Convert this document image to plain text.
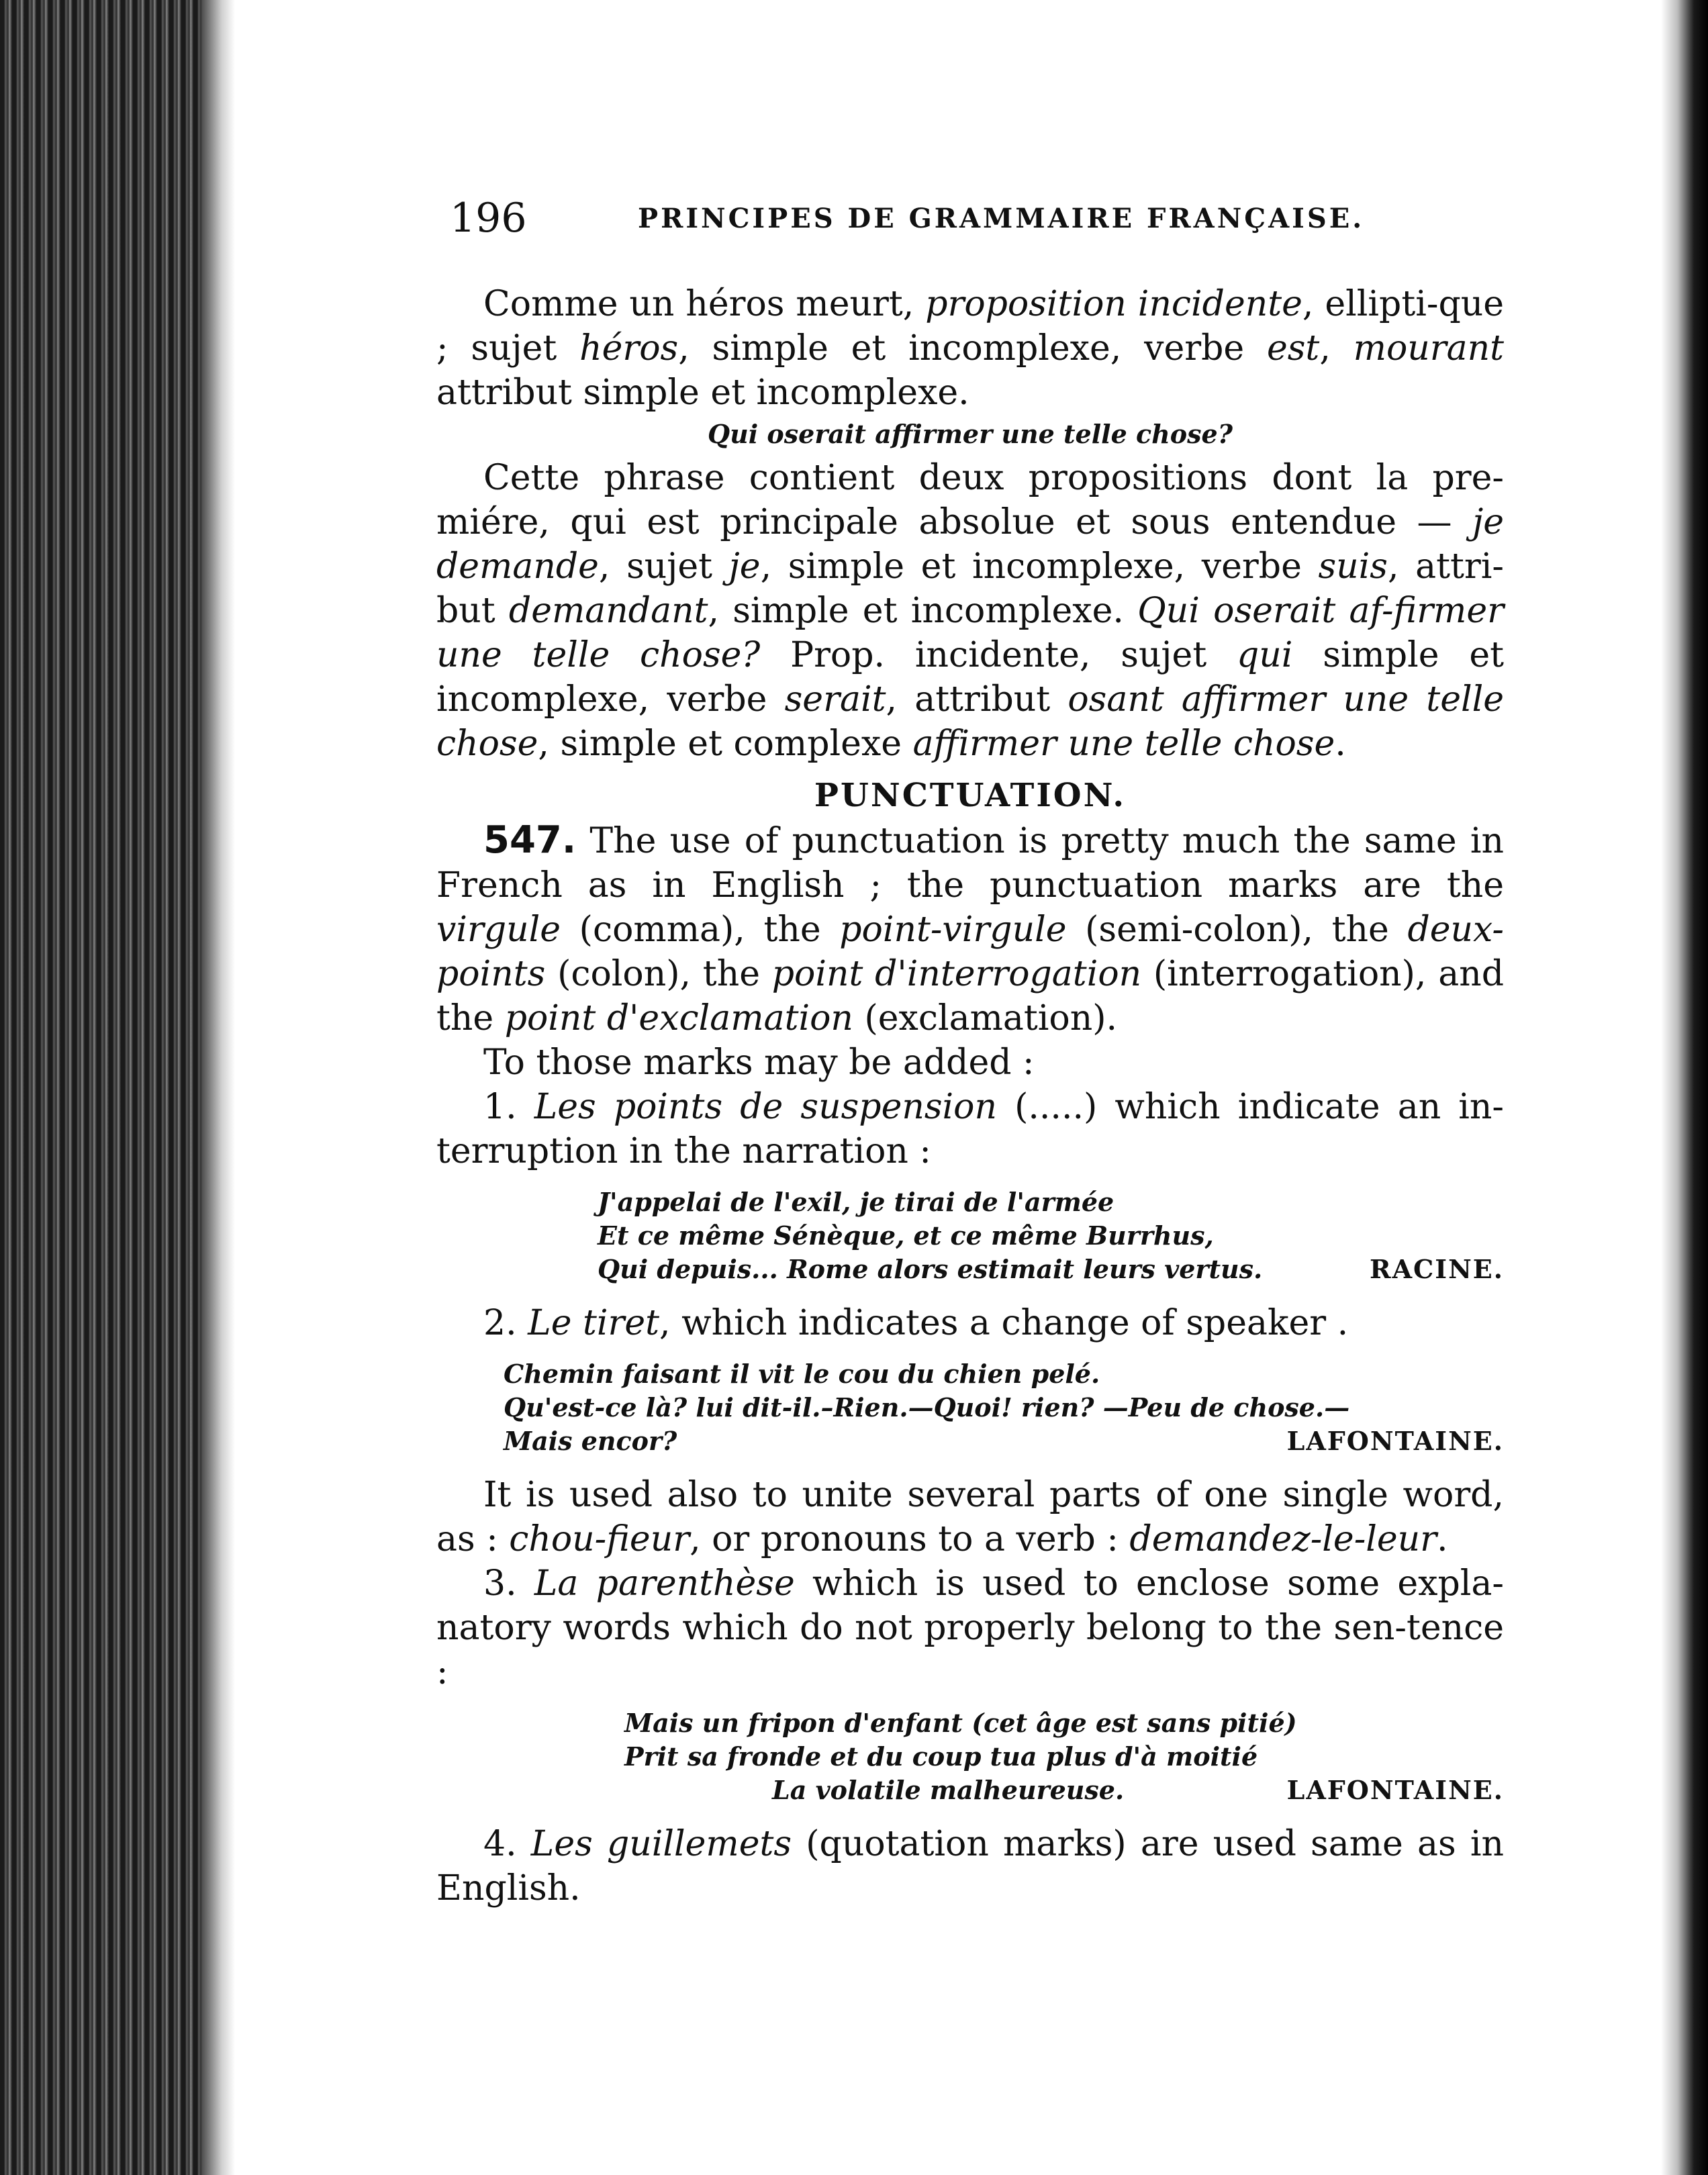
196	PRINCIPES DE GRAMMAIRE FRANÇAISE.

Comme un héros meurt, proposition incidente, ellipti-que ; sujet héros, simple et incomplexe, verbe est, mourant attribut simple et incomplexe.

Qui oserait affirmer une telle chose?

Cette phrase contient deux propositions dont la pre-miére, qui est principale absolue et sous entendue — je demande, sujet je, simple et incomplexe, verbe suis, attri-but demandant, simple et incomplexe. Qui oserait af-firmer une telle chose? Prop. incidente, sujet qui simple et incomplexe, verbe serait, attribut osant affirmer une telle chose, simple et complexe affirmer une telle chose.

PUNCTUATION.

547. The use of punctuation is pretty much the same in French as in English ; the punctuation marks are the virgule (comma), the point-virgule (semi-colon), the deux-points (colon), the point d'interrogation (interrogation), and the point d'exclamation (exclamation).

To those marks may be added :

1. Les points de suspension (.....) which indicate an in-terruption in the narration :

J'appelai de l'exil, je tirai de l'armée
Et ce même Sénèque, et ce même Burrhus,
Qui depuis... Rome alors estimait leurs vertus.	RACINE.

2. Le tiret, which indicates a change of speaker .

Chemin faisant il vit le cou du chien pelé.
Qu'est-ce là? lui dit-il.–Rien.—Quoi! rien? —Peu de chose.—
Mais encor?	LAFONTAINE.

It is used also to unite several parts of one single word, as : chou-fieur, or pronouns to a verb : demandez-le-leur.

3. La parenthèse which is used to enclose some expla-natory words which do not properly belong to the sen-tence :

Mais un fripon d'enfant (cet âge est sans pitié)
Prit sa fronde et du coup tua plus d'à moitié
La volatile malheureuse.	LAFONTAINE.

4. Les guillemets (quotation marks) are used same as in English.
